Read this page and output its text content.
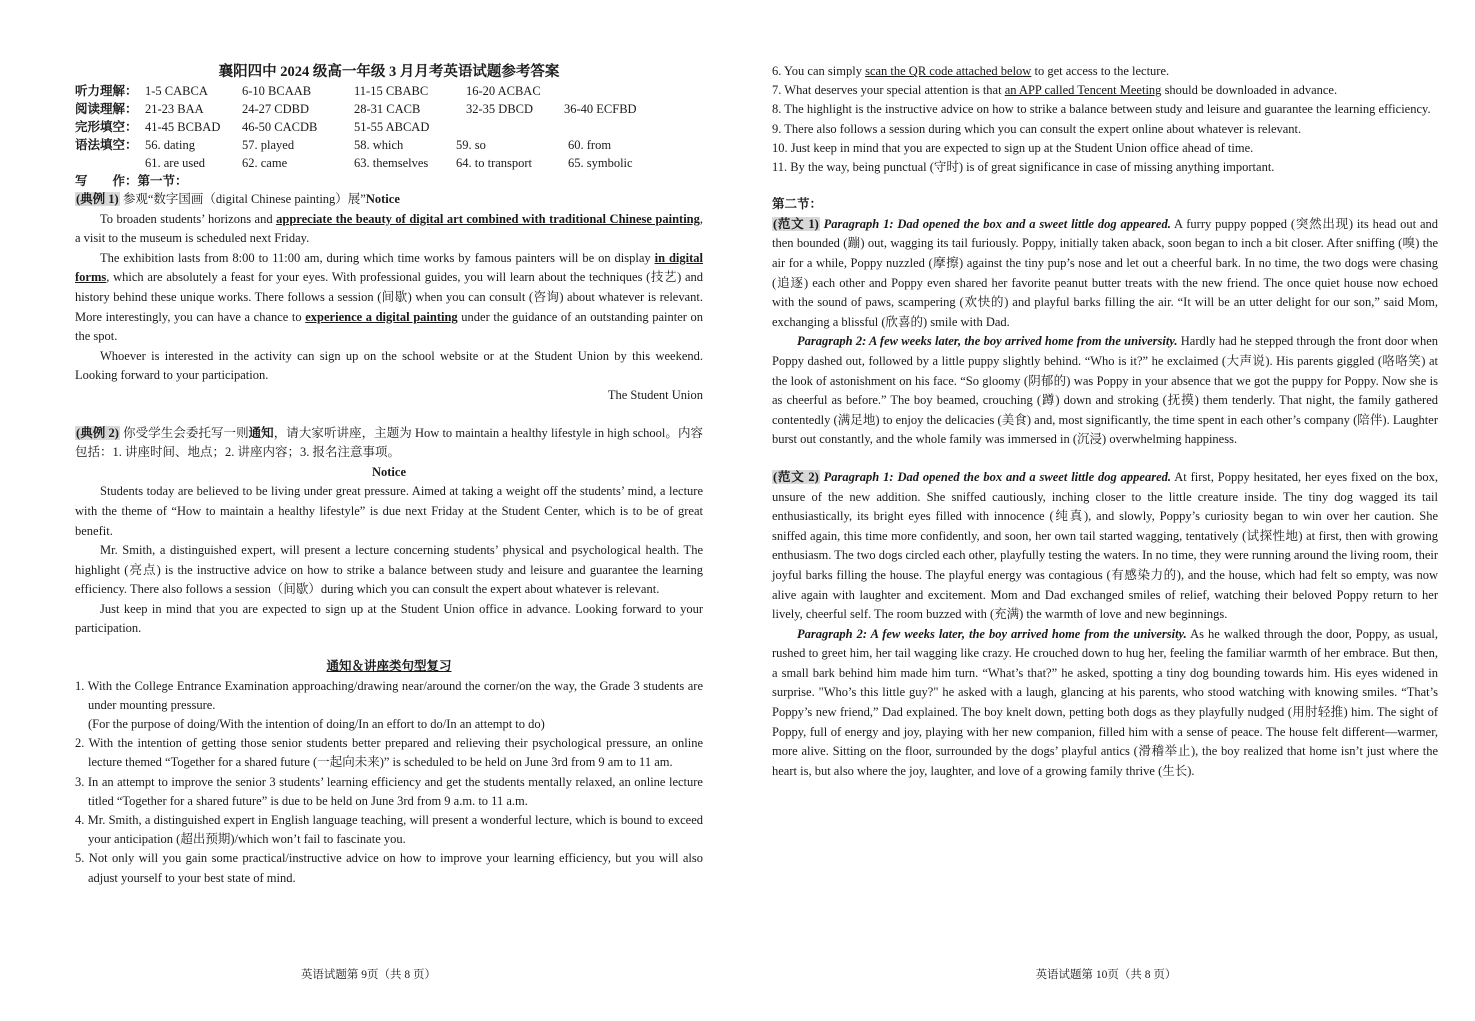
襄阳四中 2024 级高一年级 3 月月考英语试题参考答案

听力理解： 1-5 CABCA	6-10 BCAAB	11-15 CBABC	16-20 ACBAC

阅读理解： 21-23 BAA	24-27 CDBD	28-31 CACB	32-35 DBCD 36-40 ECFBD

完形填空： 41-45 BCBAD 46-50 CACDB	51-55 ABCAD

语法填空： 56. dating	57. played	58. which	59. so	60. from

61. are used	62. came	63. themselves 64. to transport	65. symbolic

写　　作：第一节：

(典例 1) 参观“数字国画（digital Chinese painting）展”Notice

To broaden students’ horizons and appreciate the beauty of digital art combined with traditional Chinese painting, a visit to the museum is scheduled next Friday.

The exhibition lasts from 8:00 to 11:00 am, during which time works by famous painters will be on display in digital forms, which are absolutely a feast for your eyes. With professional guides, you will learn about the techniques (技艺) and history behind these unique works. There follows a session (间歇) when you can consult (咨询) about whatever is relevant. More interestingly, you can have a chance to experience a digital painting under the guidance of an outstanding painter on the spot.

Whoever is interested in the activity can sign up on the school website or at the Student Union by this weekend. Looking forward to your participation.

The Student Union

(典例 2) 你受学生会委托写一则通知，请大家听讲座，主题为 How to maintain a healthy lifestyle in high school。内容包括：1. 讲座时间、地点；2. 讲座内容；3. 报名注意事项。

Notice

Students today are believed to be living under great pressure. Aimed at taking a weight off the students’ mind, a lecture with the theme of “How to maintain a healthy lifestyle” is due next Friday at the Student Center, which is to be of great benefit.

Mr. Smith, a distinguished expert, will present a lecture concerning students’ physical and psychological health. The highlight (亮点) is the instructive advice on how to strike a balance between study and leisure and guarantee the learning efficiency. There also follows a session（间歇）during which you can consult the expert about whatever is relevant.

Just keep in mind that you are expected to sign up at the Student Union office in advance. Looking forward to your participation.

通知＆讲座类句型复习

1. With the College Entrance Examination approaching/drawing near/around the corner/on the way, the Grade 3 students are under mounting pressure.

(For the purpose of doing/With the intention of doing/In an effort to do/In an attempt to do)

2. With the intention of getting those senior students better prepared and relieving their psychological pressure, an online lecture themed “Together for a shared future (一起向未来)” is scheduled to be held on June 3rd from 9 am to 11 am.

3. In an attempt to improve the senior 3 students’ learning efficiency and get the students mentally relaxed, an online lecture titled “Together for a shared future” is due to be held on June 3rd from 9 a.m. to 11 a.m.

4. Mr. Smith, a distinguished expert in English language teaching, will present a wonderful lecture, which is bound to exceed your anticipation (超出预期)/which won’t fail to fascinate you.

5. Not only will you gain some practical/instructive advice on how to improve your learning efficiency, but you will also adjust yourself to your best state of mind.

英语试题第 9页（共 8 页）

6. You can simply scan the QR code attached below to get access to the lecture.

7. What deserves your special attention is that an APP called Tencent Meeting should be downloaded in advance.

8. The highlight is the instructive advice on how to strike a balance between study and leisure and guarantee the learning efficiency.

9. There also follows a session during which you can consult the expert online about whatever is relevant.

10. Just keep in mind that you are expected to sign up at the Student Union office ahead of time.

11. By the way, being punctual (守时) is of great significance in case of missing anything important.

第二节：

(范文 1) Paragraph 1: Dad opened the box and a sweet little dog appeared. A furry puppy popped (突然出现) its head out and then bounded (蹦) out, wagging its tail furiously. Poppy, initially taken aback, soon began to inch a bit closer. After sniffing (嗅) the air for a while, Poppy nuzzled (摩擦) against the tiny pup’s nose and let out a cheerful bark. In no time, the two dogs were chasing (追逐) each other and Poppy even shared her favorite peanut butter treats with the new friend. The once quiet house now echoed with the sound of paws, scampering (欢快的) and playful barks filling the air. “It will be an utter delight for our son,” said Mom, exchanging a blissful (欣喜的) smile with Dad.

Paragraph 2: A few weeks later, the boy arrived home from the university. Hardly had he stepped through the front door when Poppy dashed out, followed by a little puppy slightly behind. “Who is it?” he exclaimed (大声说). His parents giggled (咯咯笑) at the look of astonishment on his face. “So gloomy (阴郁的) was Poppy in your absence that we got the puppy for Poppy. Now she is as cheerful as before.” The boy beamed, crouching (蹲) down and stroking (抚摸) them tenderly. That night, the family gathered contentedly (满足地) to enjoy the delicacies (美食) and, most significantly, the time spent in each other’s company (陪伴). Laughter burst out constantly, and the whole family was immersed in (沉浸) overwhelming happiness.

(范文 2) Paragraph 1: Dad opened the box and a sweet little dog appeared. At first, Poppy hesitated, her eyes fixed on the box, unsure of the new addition. She sniffed cautiously, inching closer to the little creature inside. The tiny dog wagged its tail enthusiastically, its bright eyes filled with innocence (纯真), and slowly, Poppy’s curiosity began to win over her caution. She sniffed again, this time more confidently, and soon, her own tail started wagging, tentatively (试探性地) at first, then with growing enthusiasm. The two dogs circled each other, playfully testing the waters. In no time, they were running around the living room, their joyful barks filling the house. The playful energy was contagious (有感染力的), and the house, which had felt so empty, was now alive again with laughter and excitement. Mom and Dad exchanged smiles of relief, watching their beloved Poppy return to her lively, cheerful self. The room buzzed with (充满) the warmth of love and new beginnings.

Paragraph 2: A few weeks later, the boy arrived home from the university. As he walked through the door, Poppy, as usual, rushed to greet him, her tail wagging like crazy. He crouched down to hug her, feeling the familiar warmth of her embrace. But then, a small bark behind him made him turn. “What’s that?” he asked, spotting a tiny dog bounding towards him. His eyes widened in surprise. "Who’s this little guy?" he asked with a laugh, glancing at his parents, who stood watching with knowing smiles. “That’s Poppy’s new friend,” Dad explained. The boy knelt down, petting both dogs as they playfully nudged (用肘轻推) him. The sight of Poppy, full of energy and joy, playing with her new companion, filled him with a sense of peace. The house felt different—warmer, more alive. Sitting on the floor, surrounded by the dogs’ playful antics (滑稽举止), the boy realized that home isn’t just where the heart is, but also where the joy, laughter, and love of a growing family thrive (生长).

英语试题第 10页（共 8 页）
